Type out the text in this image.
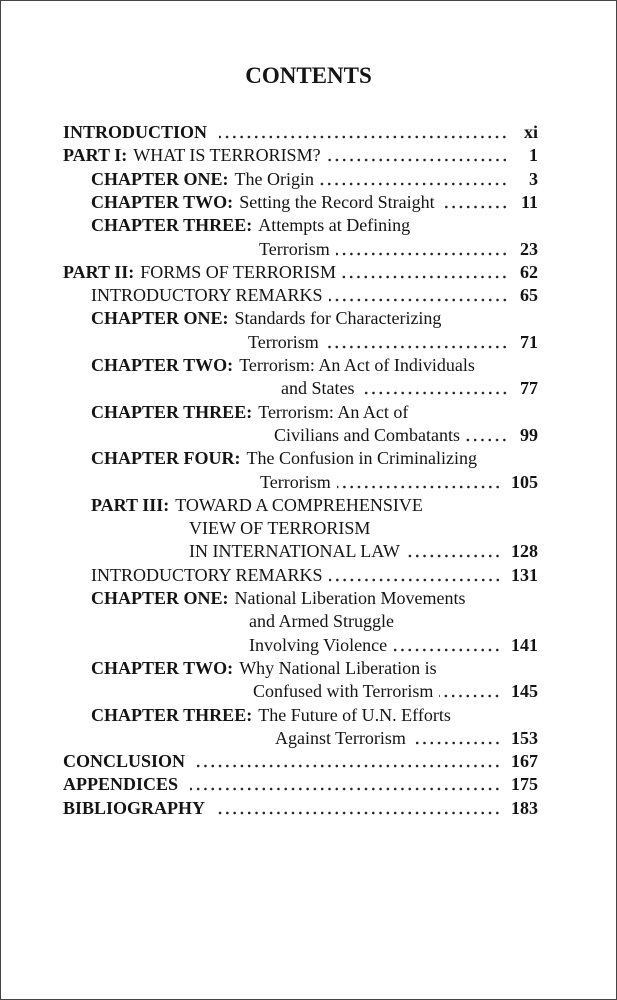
CONTENTS
INTRODUCTION	xi
PART I: WHAT IS TERRORISM?	1
CHAPTER ONE: The Origin	3
CHAPTER TWO: Setting the Record Straight	11
CHAPTER THREE: Attempts at Defining
Terrorism	23
PART II: FORMS OF TERRORISM	62
INTRODUCTORY REMARKS	65
CHAPTER ONE: Standards for Characterizing
Terrorism	71
CHAPTER TWO: Terrorism: An Act of Individuals
and States	77
CHAPTER THREE: Terrorism: An Act of
Civilians and Combatants	99
CHAPTER FOUR: The Confusion in Criminalizing
Terrorism	105
PART III: TOWARD A COMPREHENSIVE
VIEW OF TERRORISM
IN INTERNATIONAL LAW	128
INTRODUCTORY REMARKS	131
CHAPTER ONE: National Liberation Movements
and Armed Struggle
Involving Violence	141
CHAPTER TWO: Why National Liberation is
Confused with Terrorism	145
CHAPTER THREE: The Future of U.N. Efforts
Against Terrorism	153
CONCLUSION	167
APPENDICES	175
BIBLIOGRAPHY	183
